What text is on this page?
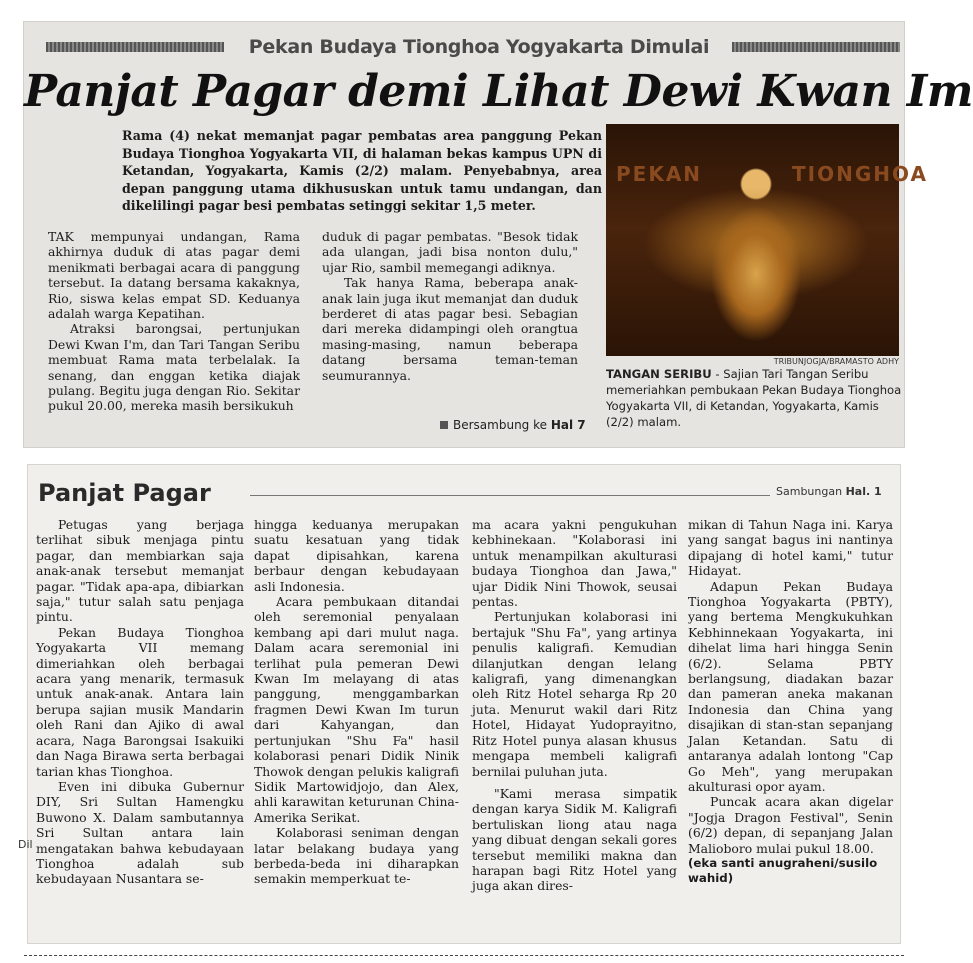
Pekan Budaya Tionghoa Yogyakarta Dimulai
Panjat Pagar demi Lihat Dewi Kwan Im
Rama (4) nekat memanjat pagar pembatas area panggung Pekan Budaya Tionghoa Yogyakarta VII, di halaman bekas kampus UPN di Ketandan, Yogyakarta, Kamis (2/2) malam. Penyebabnya, area depan panggung utama dikhususkan untuk tamu undangan, dan dikelilingi pagar besi pembatas setinggi sekitar 1,5 meter.
PEKAN	TIONGHOA
TRIBUNJOGJA/BRAMASTO ADHY
TANGAN SERIBU - Sajian Tari Tangan Seribu memeriahkan pembukaan Pekan Budaya Tionghoa Yogyakarta VII, di Ketandan, Yogyakarta, Kamis (2/2) malam.

TAK mempunyai undangan, Rama akhirnya duduk di atas pagar demi menikmati berbagai acara di panggung tersebut. Ia datang bersama kakaknya, Rio, siswa kelas empat SD. Keduanya adalah warga Kepatihan.

Atraksi barongsai, pertunjukan Dewi Kwan I'm, dan Tari Tangan Seribu membuat Rama mata terbelalak. Ia senang, dan enggan ketika diajak pulang. Begitu juga dengan Rio. Sekitar pukul 20.00, mereka masih bersikukuh

duduk di pagar pembatas. "Besok tidak ada ulangan, jadi bisa nonton dulu," ujar Rio, sambil memegangi adiknya.

Tak hanya Rama, beberapa anak-anak lain juga ikut memanjat dan duduk berderet di atas pagar besi. Sebagian dari mereka didampingi oleh orangtua masing-masing, namun beberapa datang bersama teman-teman seumurannya.

Bersambung ke Hal 7
Panjat Pagar	Sambungan Hal. 1

Petugas yang berjaga terlihat sibuk menjaga pintu pagar, dan membiarkan saja anak-anak tersebut memanjat pagar. "Tidak apa-apa, dibiarkan saja," tutur salah satu penjaga pintu.

Pekan Budaya Tionghoa Yogyakarta VII memang dimeriahkan oleh berbagai acara yang menarik, termasuk untuk anak-anak. Antara lain berupa sajian musik Mandarin oleh Rani dan Ajiko di awal acara, Naga Barongsai Isakuiki dan Naga Birawa serta berbagai tarian khas Tionghoa.

Even ini dibuka Gubernur DIY, Sri Sultan Hamengku Buwono X. Dalam sambutannya Sri Sultan antara lain mengatakan bahwa kebudayaan Tionghoa adalah sub kebudayaan Nusantara se-

hingga keduanya merupakan suatu kesatuan yang tidak dapat dipisahkan, karena berbaur dengan kebudayaan asli Indonesia.

Acara pembukaan ditandai oleh seremonial penyalaan kembang api dari mulut naga. Dalam acara seremonial ini terlihat pula pemeran Dewi Kwan Im melayang di atas panggung, menggambarkan fragmen Dewi Kwan Im turun dari Kahyangan, dan pertunjukan "Shu Fa" hasil kolaborasi penari Didik Ninik Thowok dengan pelukis kaligrafi Sidik Martowidjojo, dan Alex, ahli karawitan keturunan China- Amerika Serikat.

Kolaborasi seniman dengan latar belakang budaya yang berbeda-beda ini diharapkan semakin memperkuat te-

ma acara yakni pengukuhan kebhinekaan. "Kolaborasi ini untuk menampilkan akulturasi budaya Tionghoa dan Jawa," ujar Didik Nini Thowok, seusai pentas.

Pertunjukan kolaborasi ini bertajuk "Shu Fa", yang artinya penulis kaligrafi. Kemudian dilanjutkan dengan lelang kaligrafi, yang dimenangkan oleh Ritz Hotel seharga Rp 20 juta. Menurut wakil dari Ritz Hotel, Hidayat Yudoprayitno, Ritz Hotel punya alasan khusus mengapa membeli kaligrafi bernilai puluhan juta.

"Kami merasa simpatik dengan karya Sidik M. Kaligrafi bertuliskan liong atau naga yang dibuat dengan sekali gores tersebut memiliki makna dan harapan bagi Ritz Hotel yang juga akan dires-

mikan di Tahun Naga ini. Karya yang sangat bagus ini nantinya dipajang di hotel kami," tutur Hidayat.

Adapun Pekan Budaya Tionghoa Yogyakarta (PBTY), yang bertema Mengkukuhkan Kebhinnekaan Yogyakarta, ini dihelat lima hari hingga Senin (6/2). Selama PBTY berlangsung, diadakan bazar dan pameran aneka makanan Indonesia dan China yang disajikan di stan-stan sepanjang Jalan Ketandan. Satu di antaranya adalah lontong "Cap Go Meh", yang merupakan akulturasi opor ayam.

Puncak acara akan digelar "Jogja Dragon Festival", Senin (6/2) depan, di sepanjang Jalan Malioboro mulai pukul 18.00.

(eka santi anugraheni/susilo wahid)

Dil
